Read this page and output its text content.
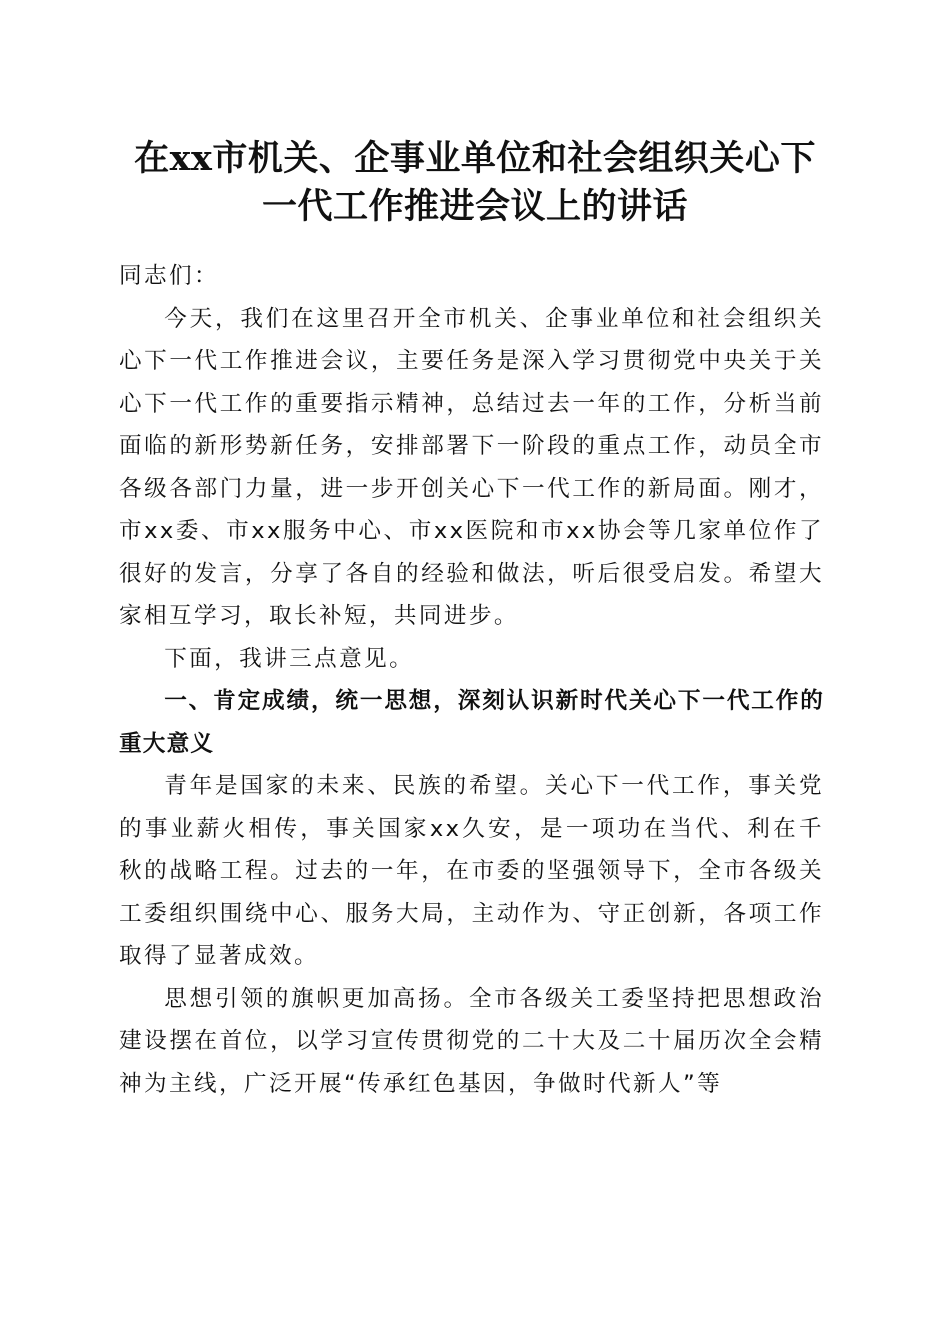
在xx市机关、企事业单位和社会组织关心下
一代工作推进会议上的讲话

同志们：

今天，我们在这里召开全市机关、企事业单位和社会组织关心下一代工作推进会议，主要任务是深入学习贯彻党中央关于关心下一代工作的重要指示精神，总结过去一年的工作，分析当前面临的新形势新任务，安排部署下一阶段的重点工作，动员全市各级各部门力量，进一步开创关心下一代工作的新局面。刚才，市xx委、市xx服务中心、市xx医院和市xx协会等几家单位作了很好的发言，分享了各自的经验和做法，听后很受启发。希望大家相互学习，取长补短，共同进步。

下面，我讲三点意见。

一、肯定成绩，统一思想，深刻认识新时代关心下一代工作的重大意义

青年是国家的未来、民族的希望。关心下一代工作，事关党的事业薪火相传，事关国家xx久安，是一项功在当代、利在千秋的战略工程。过去的一年，在市委的坚强领导下，全市各级关工委组织围绕中心、服务大局，主动作为、守正创新，各项工作取得了显著成效。

思想引领的旗帜更加高扬。全市各级关工委坚持把思想政治建设摆在首位，以学习宣传贯彻党的二十大及二十届历次全会精神为主线，广泛开展“传承红色基因，争做时代新人”等
